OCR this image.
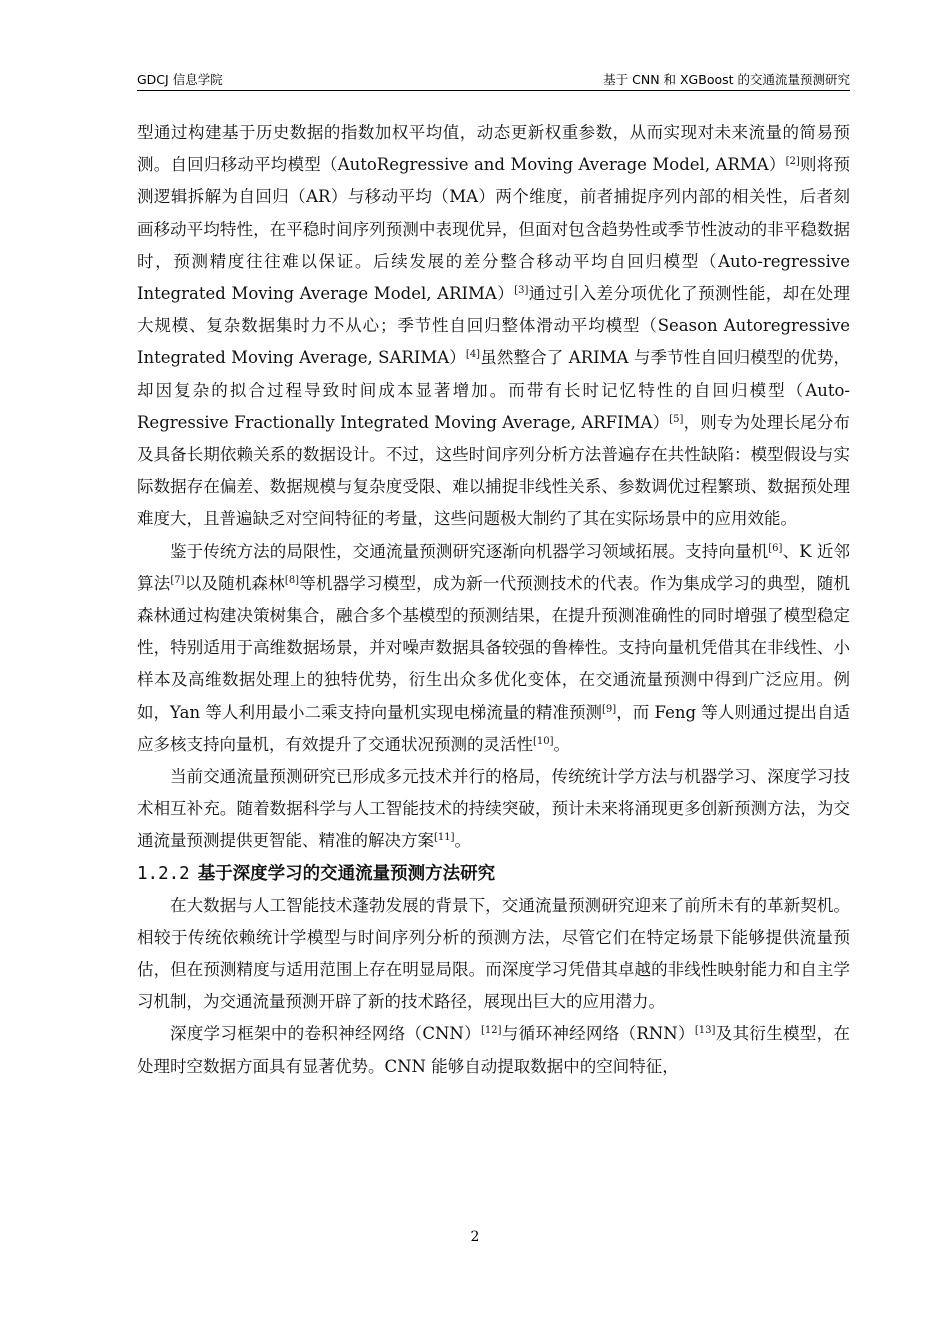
GDCJ 信息学院	基于 CNN 和 XGBoost 的交通流量预测研究

型通过构建基于历史数据的指数加权平均值，动态更新权重参数，从而实现对未来流量的简易预测。自回归移动平均模型（AutoRegressive and Moving Average Model, ARMA）[2]则将预测逻辑拆解为自回归（AR）与移动平均（MA）两个维度，前者捕捉序列内部的相关性，后者刻画移动平均特性，在平稳时间序列预测中表现优异，但面对包含趋势性或季节性波动的非平稳数据时，预测精度往往难以保证。后续发展的差分整合移动平均自回归模型（Auto-regressive Integrated Moving Average Model, ARIMA）[3]通过引入差分项优化了预测性能，却在处理大规模、复杂数据集时力不从心；季节性自回归整体滑动平均模型（Season Autoregressive Integrated Moving Average, SARIMA）[4]虽然整合了 ARIMA 与季节性自回归模型的优势，却因复杂的拟合过程导致时间成本显著增加。而带有长时记忆特性的自回归模型（Auto-Regressive Fractionally Integrated Moving Average, ARFIMA）[5]，则专为处理长尾分布及具备长期依赖关系的数据设计。不过，这些时间序列分析方法普遍存在共性缺陷：模型假设与实际数据存在偏差、数据规模与复杂度受限、难以捕捉非线性关系、参数调优过程繁琐、数据预处理难度大，且普遍缺乏对空间特征的考量，这些问题极大制约了其在实际场景中的应用效能。

鉴于传统方法的局限性，交通流量预测研究逐渐向机器学习领域拓展。支持向量机[6]、K 近邻算法[7]以及随机森林[8]等机器学习模型，成为新一代预测技术的代表。作为集成学习的典型，随机森林通过构建决策树集合，融合多个基模型的预测结果，在提升预测准确性的同时增强了模型稳定性，特别适用于高维数据场景，并对噪声数据具备较强的鲁棒性。支持向量机凭借其在非线性、小样本及高维数据处理上的独特优势，衍生出众多优化变体，在交通流量预测中得到广泛应用。例如，Yan 等人利用最小二乘支持向量机实现电梯流量的精准预测[9]，而 Feng 等人则通过提出自适应多核支持向量机，有效提升了交通状况预测的灵活性[10]。

当前交通流量预测研究已形成多元技术并行的格局，传统统计学方法与机器学习、深度学习技术相互补充。随着数据科学与人工智能技术的持续突破，预计未来将涌现更多创新预测方法，为交通流量预测提供更智能、精准的解决方案[11]。

1.2.2 基于深度学习的交通流量预测方法研究

在大数据与人工智能技术蓬勃发展的背景下，交通流量预测研究迎来了前所未有的革新契机。相较于传统依赖统计学模型与时间序列分析的预测方法，尽管它们在特定场景下能够提供流量预估，但在预测精度与适用范围上存在明显局限。而深度学习凭借其卓越的非线性映射能力和自主学习机制，为交通流量预测开辟了新的技术路径，展现出巨大的应用潜力。

深度学习框架中的卷积神经网络（CNN）[12]与循环神经网络（RNN）[13]及其衍生模型，在处理时空数据方面具有显著优势。CNN 能够自动提取数据中的空间特征，

2
